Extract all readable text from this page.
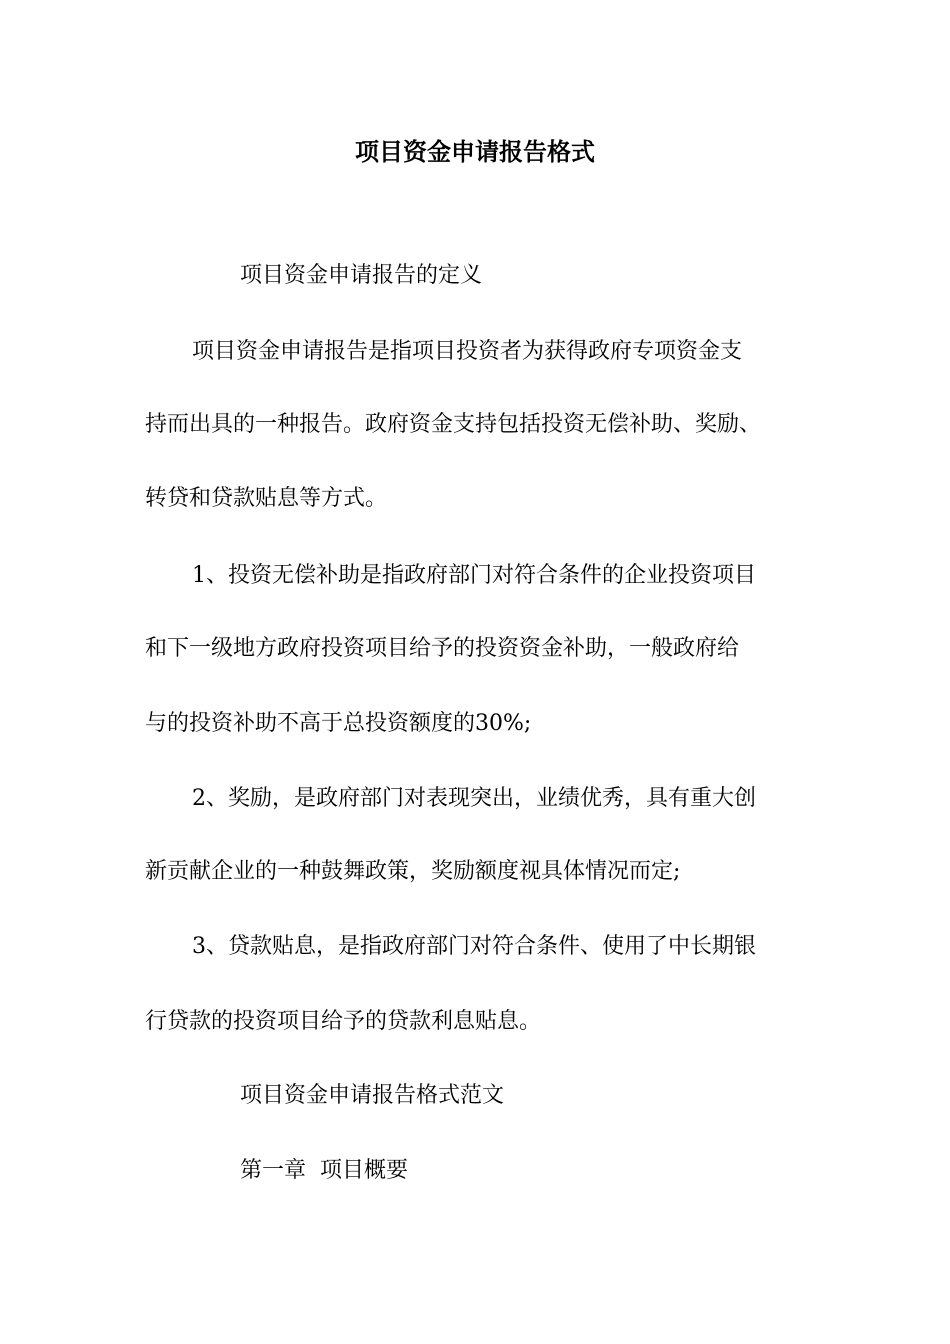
项目资金申请报告格式
项目资金申请报告的定义
项目资金申请报告是指项目投资者为获得政府专项资金支
持而出具的一种报告。政府资金支持包括投资无偿补助、奖励、
转贷和贷款贴息等方式。
1、投资无偿补助是指政府部门对符合条件的企业投资项目
和下一级地方政府投资项目给予的投资资金补助，一般政府给
与的投资补助不高于总投资额度的30%;
2、奖励，是政府部门对表现突出，业绩优秀，具有重大创
新贡献企业的一种鼓舞政策，奖励额度视具体情况而定;
3、贷款贴息，是指政府部门对符合条件、使用了中长期银
行贷款的投资项目给予的贷款利息贴息。
项目资金申请报告格式范文
第一章  项目概要
